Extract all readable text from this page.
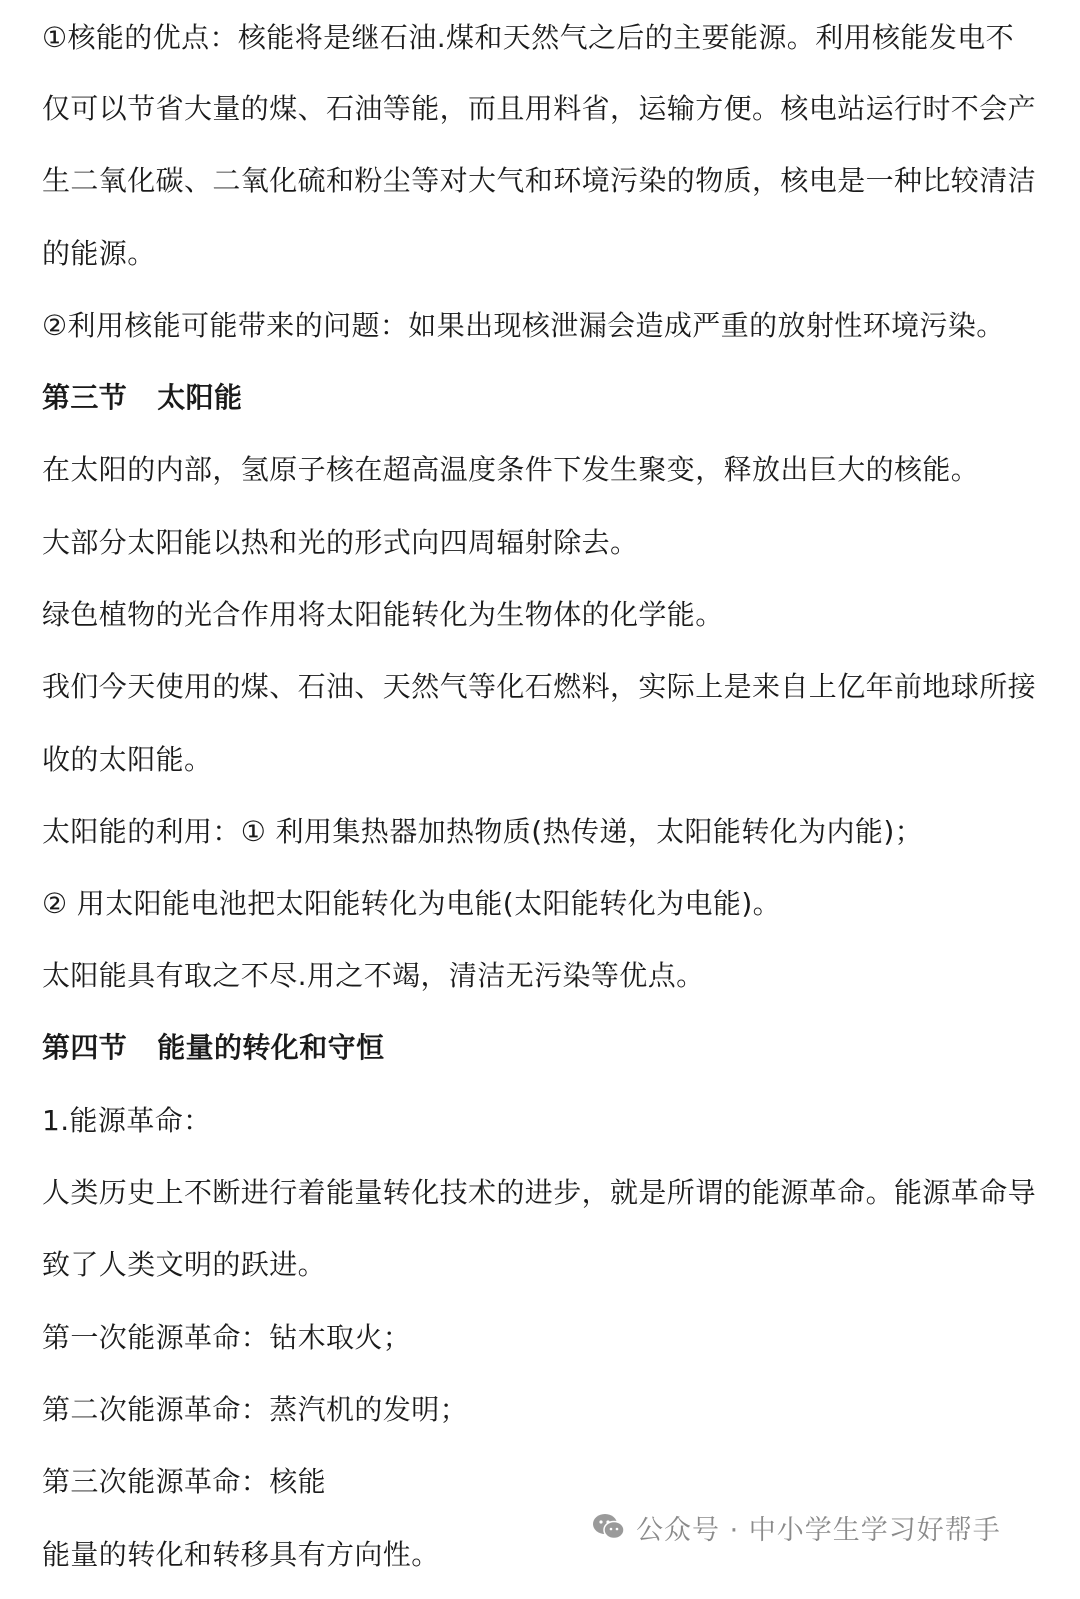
①核能的优点：核能将是继石油.煤和天然气之后的主要能源。利用核能发电不
仅可以节省大量的煤、石油等能，而且用料省，运输方便。核电站运行时不会产
生二氧化碳、二氧化硫和粉尘等对大气和环境污染的物质，核电是一种比较清洁
的能源。
②利用核能可能带来的问题：如果出现核泄漏会造成严重的放射性环境污染。
第三节 太阳能
在太阳的内部，氢原子核在超高温度条件下发生聚变，释放出巨大的核能。
大部分太阳能以热和光的形式向四周辐射除去。
绿色植物的光合作用将太阳能转化为生物体的化学能。
我们今天使用的煤、石油、天然气等化石燃料，实际上是来自上亿年前地球所接
收的太阳能。
太阳能的利用：① 利用集热器加热物质(热传递，太阳能转化为内能)；
② 用太阳能电池把太阳能转化为电能(太阳能转化为电能)。
太阳能具有取之不尽.用之不竭，清洁无污染等优点。
第四节 能量的转化和守恒
1.能源革命：
人类历史上不断进行着能量转化技术的进步，就是所谓的能源革命。能源革命导
致了人类文明的跃进。
第一次能源革命：钻木取火；
第二次能源革命：蒸汽机的发明；
第三次能源革命：核能
能量的转化和转移具有方向性。
公众号 · 中小学生学习好帮手
